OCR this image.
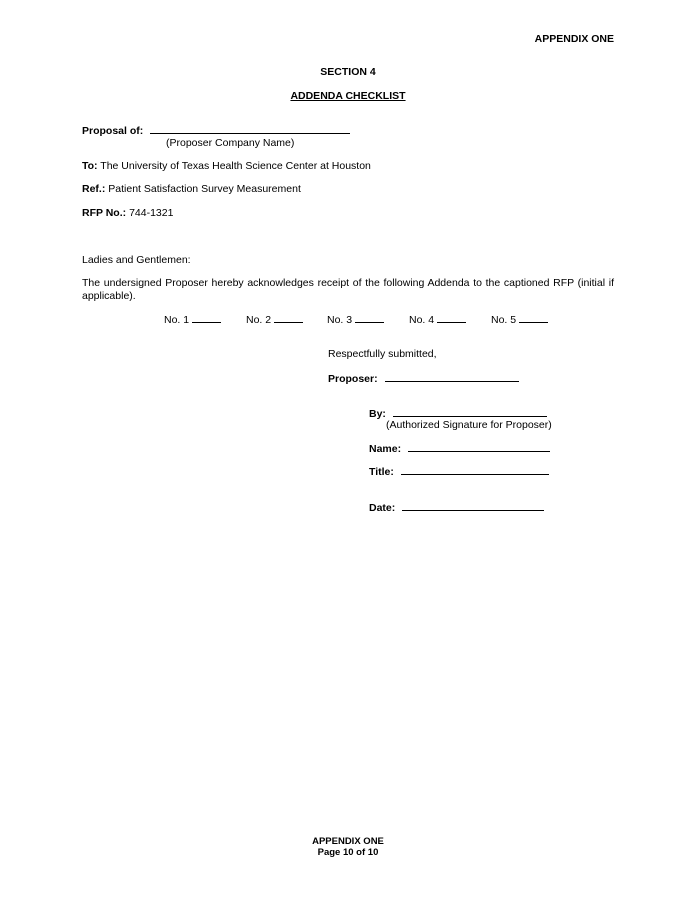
APPENDIX ONE
SECTION 4
ADDENDA CHECKLIST
Proposal of:
(Proposer Company Name)
To: The University of Texas Health Science Center at Houston
Ref.: Patient Satisfaction Survey Measurement
RFP No.: 744-1321
Ladies and Gentlemen:
The undersigned Proposer hereby acknowledges receipt of the following Addenda to the captioned RFP (initial if applicable).
No. 1	No. 2	No. 3	No. 4	No. 5
Respectfully submitted,
Proposer:
By:
(Authorized Signature for Proposer)
Name:
Title:
Date:
APPENDIX ONE
Page 10 of 10
